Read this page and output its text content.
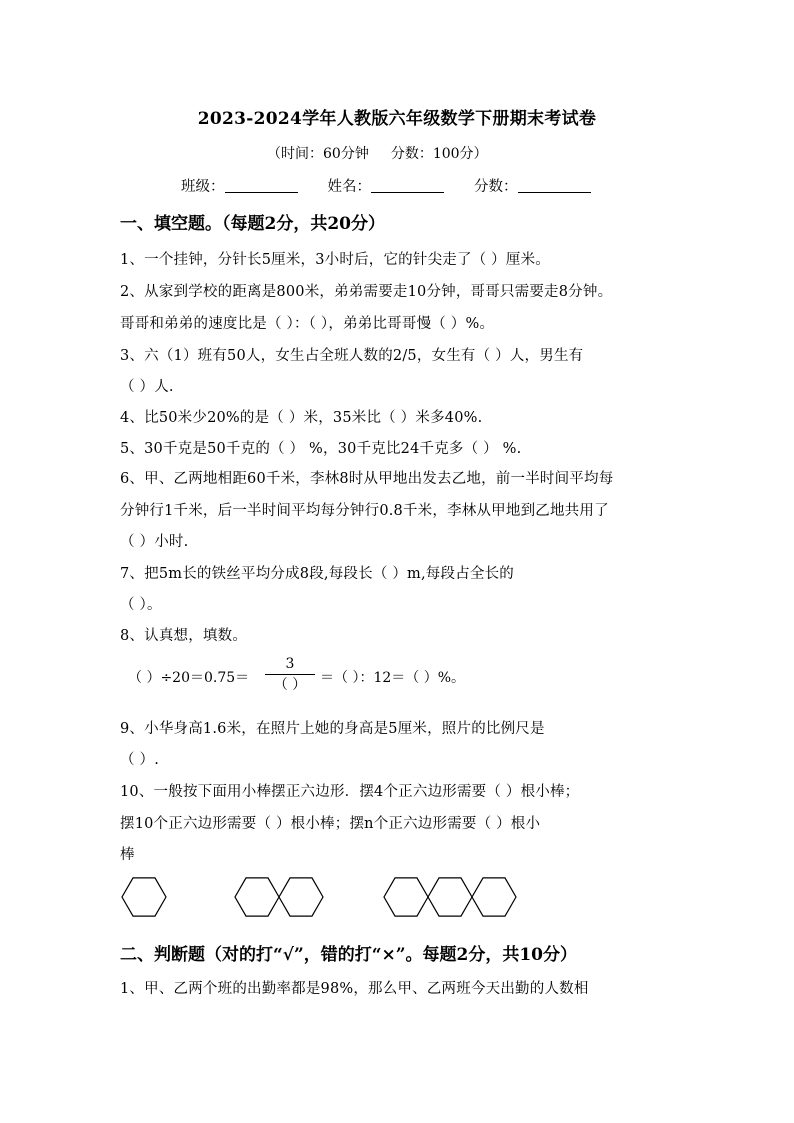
2023-2024学年人教版六年级数学下册期末考试卷
（时间：60分钟 分数：100分）
班级：	姓名：	分数：
一、填空题。（每题2分，共20分）
1、一个挂钟，分针长5厘米，3小时后，它的针尖走了（ ）厘米。
2、从家到学校的距离是800米，弟弟需要走10分钟，哥哥只需要走8分钟。
哥哥和弟弟的速度比是（ ）：（ ），弟弟比哥哥慢（ ）%。
3、六（1）班有50人，女生占全班人数的2/5，女生有（ ）人，男生有
（ ）人.
4、比50米少20%的是（ ）米，35米比（ ）米多40%.
5、30千克是50千克的（ ） %，30千克比24千克多（ ） %.
6、甲、乙两地相距60千米，李林8时从甲地出发去乙地，前一半时间平均每
分钟行1千米，后一半时间平均每分钟行0.8千米，李林从甲地到乙地共用了
（ ）小时.
7、把5m长的铁丝平均分成8段,每段长（ ）m,每段占全长的
（ ）。
8、认真想，填数。
（ ）÷20＝0.75＝
3
（ ） ＝（ ）：12＝（ ）%。
9、小华身高1.6米，在照片上她的身高是5厘米，照片的比例尺是
（ ）.
10、一般按下面用小棒摆正六边形．摆4个正六边形需要（ ）根小棒；
摆10个正六边形需要（ ）根小棒；摆n个正六边形需要（ ）根小
棒
二、判断题（对的打“√”，错的打“×”。每题2分，共10分）
1、甲、乙两个班的出勤率都是98%，那么甲、乙两班今天出勤的人数相
